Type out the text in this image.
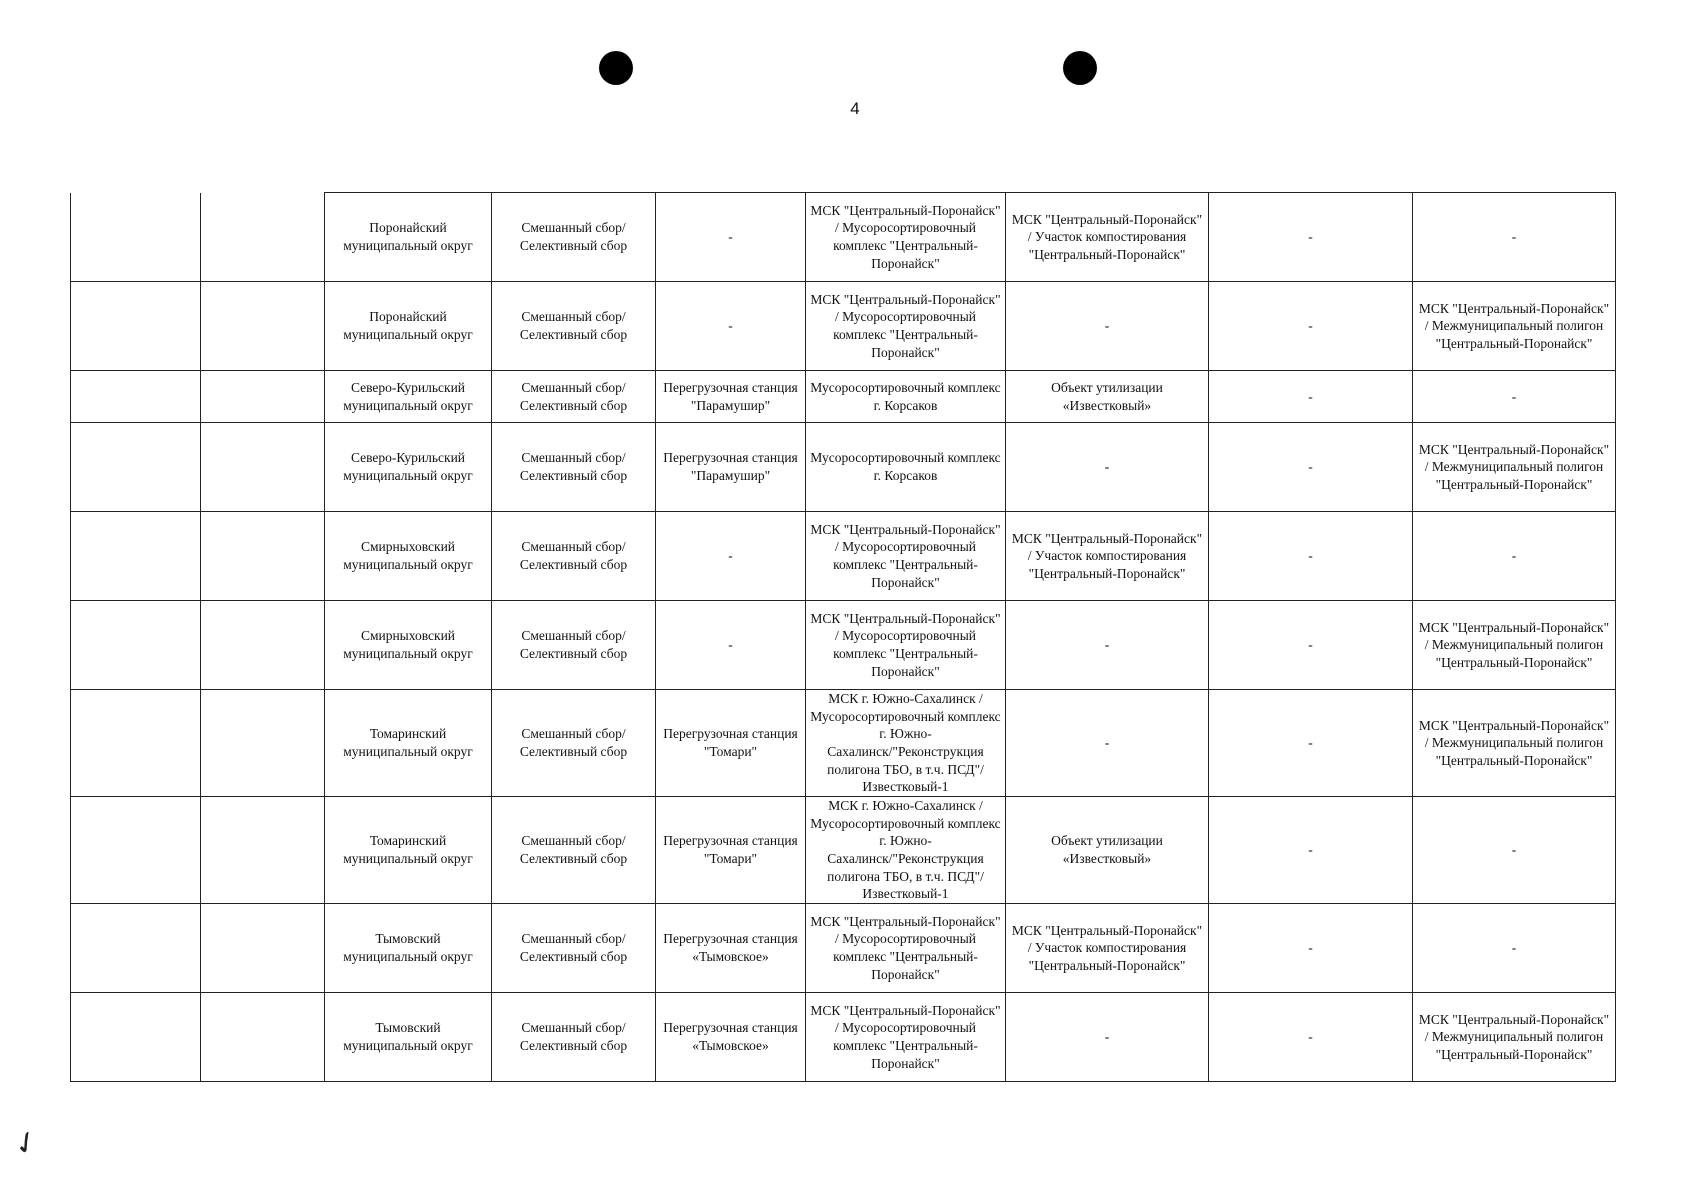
4
✓
		Поронайский муниципальный округ	Смешанный сбор/ Селективный сбор	-	МСК "Центральный-Поронайск" / Мусоросортировочный комплекс "Центральный-Поронайск"	МСК "Центральный-Поронайск" / Участок компостирования "Центральный-Поронайск"	-	-
		Поронайский муниципальный округ	Смешанный сбор/ Селективный сбор	-	МСК "Центральный-Поронайск" / Мусоросортировочный комплекс "Центральный-Поронайск"	-	-	МСК "Центральный-Поронайск" / Межмуниципальный полигон "Центральный-Поронайск"
		Северо-Курильский муниципальный округ	Смешанный сбор/ Селективный сбор	Перегрузочная станция "Парамушир"	Мусоросортировочный комплекс г. Корсаков	Объект утилизации «Известковый»	-	-
		Северо-Курильский муниципальный округ	Смешанный сбор/ Селективный сбор	Перегрузочная станция "Парамушир"	Мусоросортировочный комплекс г. Корсаков	-	-	МСК "Центральный-Поронайск" / Межмуниципальный полигон "Центральный-Поронайск"
		Смирныховский муниципальный округ	Смешанный сбор/ Селективный сбор	-	МСК "Центральный-Поронайск" / Мусоросортировочный комплекс "Центральный-Поронайск"	МСК "Центральный-Поронайск" / Участок компостирования "Центральный-Поронайск"	-	-
		Смирныховский муниципальный округ	Смешанный сбор/ Селективный сбор	-	МСК "Центральный-Поронайск" / Мусоросортировочный комплекс "Центральный-Поронайск"	-	-	МСК "Центральный-Поронайск" / Межмуниципальный полигон "Центральный-Поронайск"
		Томаринский муниципальный округ	Смешанный сбор/ Селективный сбор	Перегрузочная станция "Томари"	МСК г. Южно-Сахалинск / Мусоросортировочный комплекс г. Южно-Сахалинск/"Реконструкция полигона ТБО, в т.ч. ПСД"/Известковый-1	-	-	МСК "Центральный-Поронайск" / Межмуниципальный полигон "Центральный-Поронайск"
		Томаринский муниципальный округ	Смешанный сбор/ Селективный сбор	Перегрузочная станция "Томари"	МСК г. Южно-Сахалинск / Мусоросортировочный комплекс г. Южно-Сахалинск/"Реконструкция полигона ТБО, в т.ч. ПСД"/Известковый-1	Объект утилизации «Известковый»	-	-
		Тымовский муниципальный округ	Смешанный сбор/ Селективный сбор	Перегрузочная станция «Тымовское»	МСК "Центральный-Поронайск" / Мусоросортировочный комплекс "Центральный-Поронайск"	МСК "Центральный-Поронайск" / Участок компостирования "Центральный-Поронайск"	-	-
		Тымовский муниципальный округ	Смешанный сбор/ Селективный сбор	Перегрузочная станция «Тымовское»	МСК "Центральный-Поронайск" / Мусоросортировочный комплекс "Центральный-Поронайск"	-	-	МСК "Центральный-Поронайск" / Межмуниципальный полигон "Центральный-Поронайск"
